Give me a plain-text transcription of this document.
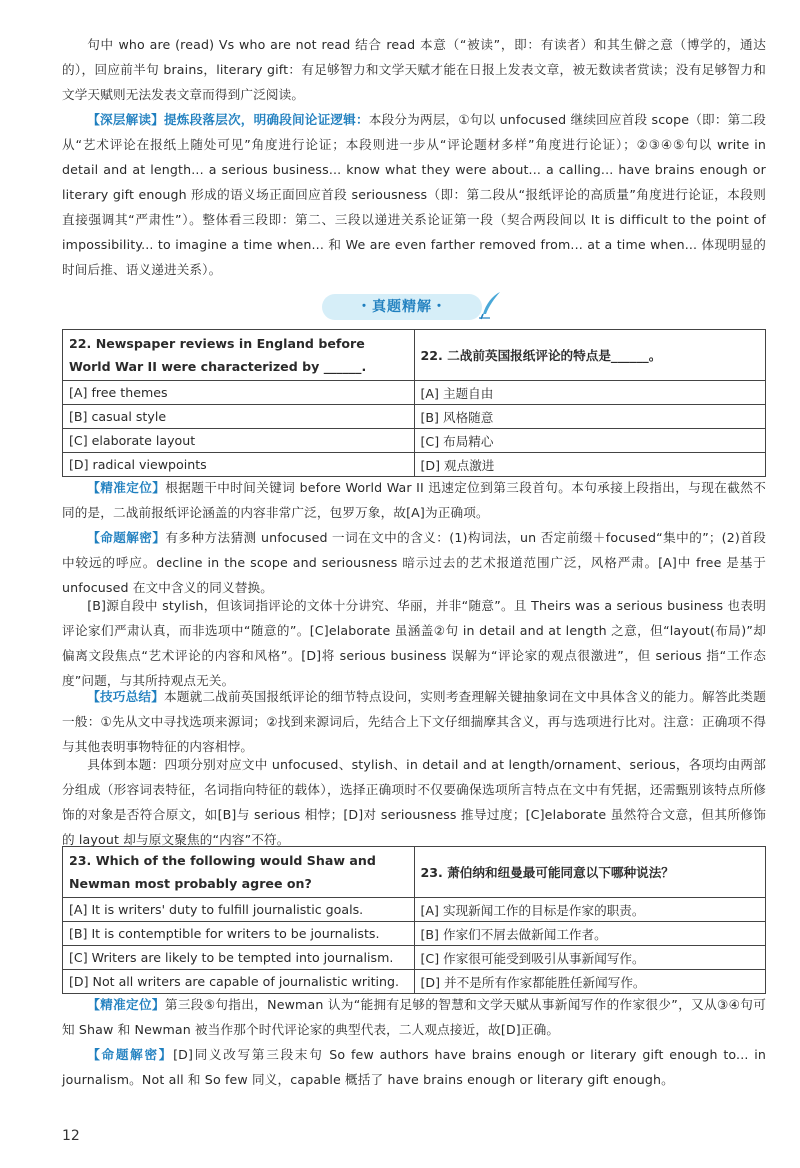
句中 who are (read) Vs who are not read 结合 read 本意（“被读”，即：有读者）和其生僻之意（博学的，通达的），回应前半句 brains，literary gift：有足够智力和文学天赋才能在日报上发表文章，被无数读者赏读；没有足够智力和文学天赋则无法发表文章而得到广泛阅读。
【深层解读】提炼段落层次，明确段间论证逻辑：本段分为两层，①句以 unfocused 继续回应首段 scope（即：第二段从“艺术评论在报纸上随处可见”角度进行论证；本段则进一步从“评论题材多样”角度进行论证）；②③④⑤句以 write in detail and at length... a serious business... know what they were about... a calling... have brains enough or literary gift enough 形成的语义场正面回应首段 seriousness（即：第二段从“报纸评论的高质量”角度进行论证，本段则直接强调其“严肃性”）。整体看三段即：第二、三段以递进关系论证第一段（契合两段间以 It is difficult to the point of impossibility... to imagine a time when... 和 We are even farther removed from... at a time when... 体现明显的时间后推、语义递进关系）。
・真题精解・
22. Newspaper reviews in England before World War II were characterized by ______.	22. 二战前英国报纸评论的特点是______。
[A] free themes	[A] 主题自由
[B] casual style	[B] 风格随意
[C] elaborate layout	[C] 布局精心
[D] radical viewpoints	[D] 观点激进
【精准定位】根据题干中时间关键词 before World War II 迅速定位到第三段首句。本句承接上段指出，与现在截然不同的是，二战前报纸评论涵盖的内容非常广泛，包罗万象，故[A]为正确项。
【命题解密】有多种方法猜测 unfocused 一词在文中的含义：(1)构词法，un 否定前缀＋focused“集中的”；(2)首段中较远的呼应。decline in the scope and seriousness 暗示过去的艺术报道范围广泛，风格严肃。[A]中 free 是基于 unfocused 在文中含义的同义替换。
[B]源自段中 stylish，但该词指评论的文体十分讲究、华丽，并非“随意”。且 Theirs was a serious business 也表明评论家们严肃认真，而非选项中“随意的”。[C]elaborate 虽涵盖②句 in detail and at length 之意，但“layout(布局)”却偏离文段焦点“艺术评论的内容和风格”。[D]将 serious business 误解为“评论家的观点很激进”，但 serious 指“工作态度”问题，与其所持观点无关。
【技巧总结】本题就二战前英国报纸评论的细节特点设问，实则考查理解关键抽象词在文中具体含义的能力。解答此类题一般：①先从文中寻找选项来源词；②找到来源词后，先结合上下文仔细揣摩其含义，再与选项进行比对。注意：正确项不得与其他表明事物特征的内容相悖。
具体到本题：四项分别对应文中 unfocused、stylish、in detail and at length/ornament、serious，各项均由两部分组成（形容词表特征，名词指向特征的载体），选择正确项时不仅要确保选项所言特点在文中有凭据，还需甄别该特点所修饰的对象是否符合原文，如[B]与 serious 相悖；[D]对 seriousness 推导过度；[C]elaborate 虽然符合文意，但其所修饰的 layout 却与原文聚焦的“内容”不符。
23. Which of the following would Shaw and Newman most probably agree on?	23. 萧伯纳和纽曼最可能同意以下哪种说法？
[A] It is writers' duty to fulfill journalistic goals.	[A] 实现新闻工作的目标是作家的职责。
[B] It is contemptible for writers to be journalists.	[B] 作家们不屑去做新闻工作者。
[C] Writers are likely to be tempted into journalism.	[C] 作家很可能受到吸引从事新闻写作。
[D] Not all writers are capable of journalistic writing.	[D] 并不是所有作家都能胜任新闻写作。
【精准定位】第三段⑤句指出，Newman 认为“能拥有足够的智慧和文学天赋从事新闻写作的作家很少”，又从③④句可知 Shaw 和 Newman 被当作那个时代评论家的典型代表，二人观点接近，故[D]正确。
【命题解密】[D]同义改写第三段末句 So few authors have brains enough or literary gift enough to... in journalism。Not all 和 So few 同义，capable 概括了 have brains enough or literary gift enough。
12
